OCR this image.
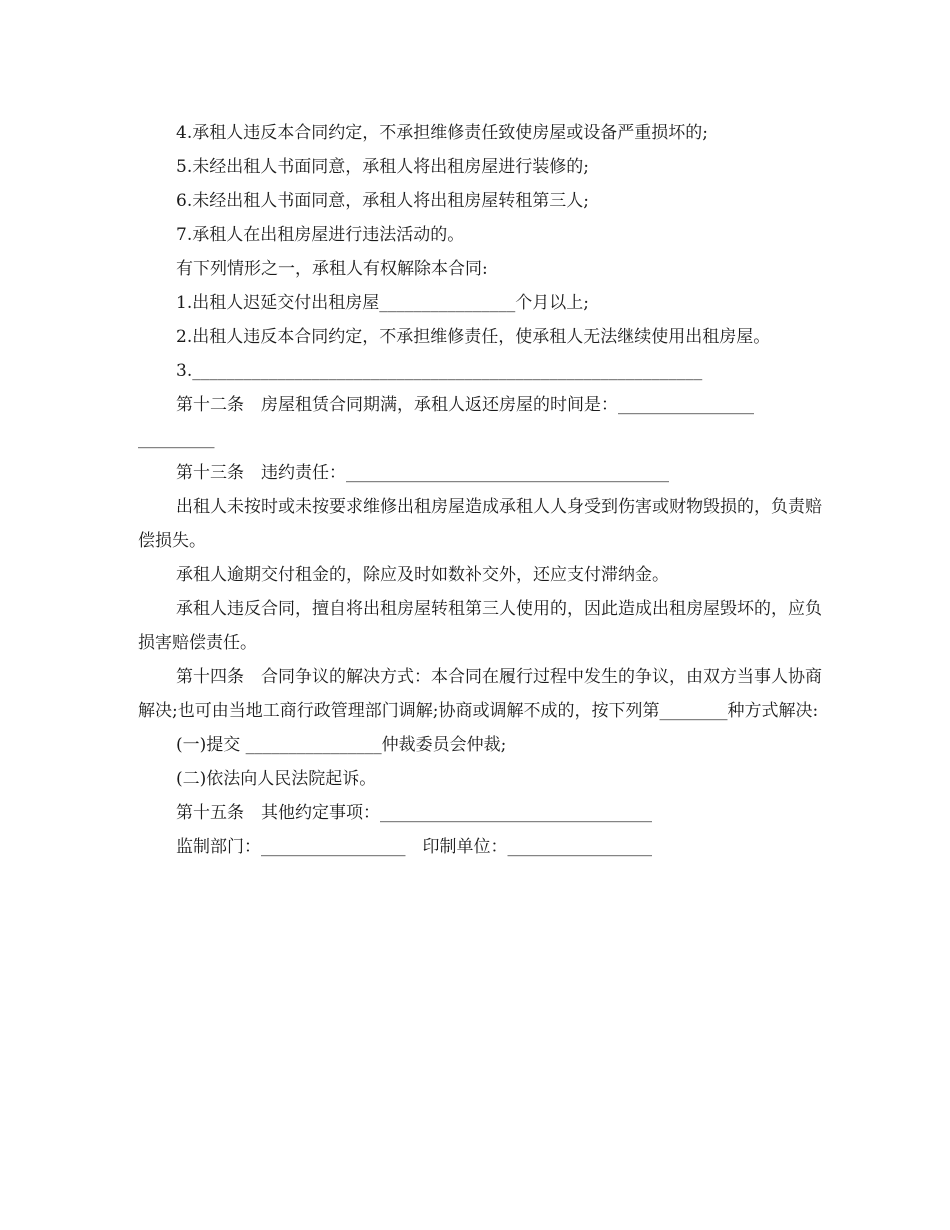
4.承租人违反本合同约定，不承担维修责任致使房屋或设备严重损坏的;

5.未经出租人书面同意，承租人将出租房屋进行装修的;

6.未经出租人书面同意，承租人将出租房屋转租第三人;

7.承租人在出租房屋进行违法活动的。

有下列情形之一，承租人有权解除本合同:

1.出租人迟延交付出租房屋________________个月以上;

2.出租人违反本合同约定，不承担维修责任，使承租人无法继续使用出租房屋。

3.____________________________________________________________

第十二条　房屋租赁合同期满，承租人返还房屋的时间是：________________

_________

第十三条　违约责任：______________________________________

出租人未按时或未按要求维修出租房屋造成承租人人身受到伤害或财物毁损的，负责赔偿损失。

承租人逾期交付租金的，除应及时如数补交外，还应支付滞纳金。

承租人违反合同，擅自将出租房屋转租第三人使用的，因此造成出租房屋毁坏的，应负损害赔偿责任。

第十四条　合同争议的解决方式：本合同在履行过程中发生的争议，由双方当事人协商解决;也可由当地工商行政管理部门调解;协商或调解不成的，按下列第________种方式解决:

(一)提交 ________________仲裁委员会仲裁;

(二)依法向人民法院起诉。

第十五条　其他约定事项：________________________________

监制部门：_________________　印制单位：_________________
